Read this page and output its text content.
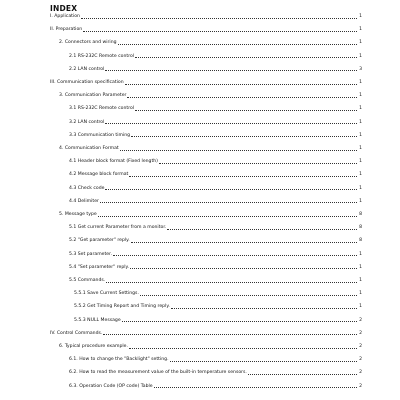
INDEX
I. Application	1
II. Preparation	1
2. Connectors and wiring	1
2.1 RS-232C Remote control	1
2.2 LAN control	3
III. Communication specification	1
3. Communication Parameter	1
3.1 RS-232C Remote control	1
3.2 LAN control	1
3.3 Communication timing	1
4. Communication Format	1
4.1 Header block format (Fixed length)	1
4.2 Message block format	1
4.3 Check code	1
4.4 Delimiter	1
5. Message type	8
5.1 Get current Parameter from a monitor.	8
5.2 "Get parameter" reply.	8
5.3 Set parameter.	1
5.4 "Set parameter" reply.	1
5.5 Commands.	1
5.5.1 Save Current Settings.	1
5.5.2 Get Timing Report and Timing reply.	1
5.5.3 NULL Message	2
IV. Control Commands.	2
6. Typical procedure example.	2
6.1. How to change the "Backlight" setting.	2
6.2. How to read the measurement value of the built-in temperature sensors.	2
6.3. Operation Code (OP code) Table	2
